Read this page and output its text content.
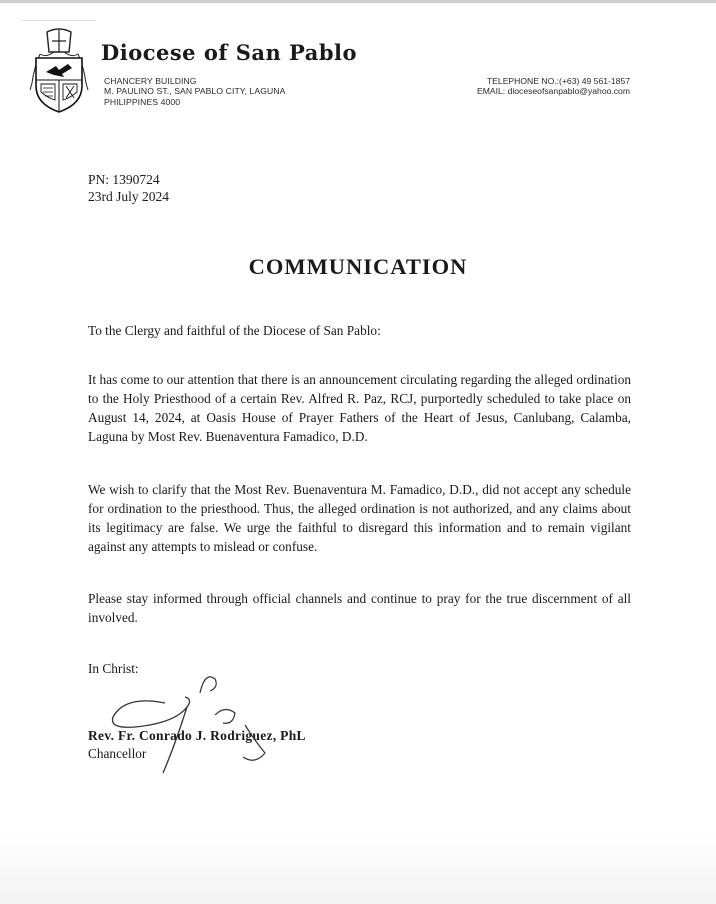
Diocese of San Pablo
CHANCERY BUILDING
M. PAULINO ST., SAN PABLO CITY, LAGUNA
PHILIPPINES 4000
TELEPHONE NO.:(+63) 49 561-1857
EMAIL: dioceseofsanpablo@yahoo.com
PN: 1390724
23rd July 2024
COMMUNICATION
To the Clergy and faithful of the Diocese of San Pablo:
It has come to our attention that there is an announcement circulating regarding the alleged ordination to the Holy Priesthood of a certain Rev. Alfred R. Paz, RCJ, purportedly scheduled to take place on August 14, 2024, at Oasis House of Prayer Fathers of the Heart of Jesus, Canlubang, Calamba, Laguna by Most Rev. Buenaventura Famadico, D.D.
We wish to clarify that the Most Rev. Buenaventura M. Famadico, D.D., did not accept any schedule for ordination to the priesthood. Thus, the alleged ordination is not authorized, and any claims about its legitimacy are false. We urge the faithful to disregard this information and to remain vigilant against any attempts to mislead or confuse.
Please stay informed through official channels and continue to pray for the true discernment of all involved.
In Christ:
Rev. Fr. Conrado J. Rodriguez, PhL
Chancellor
